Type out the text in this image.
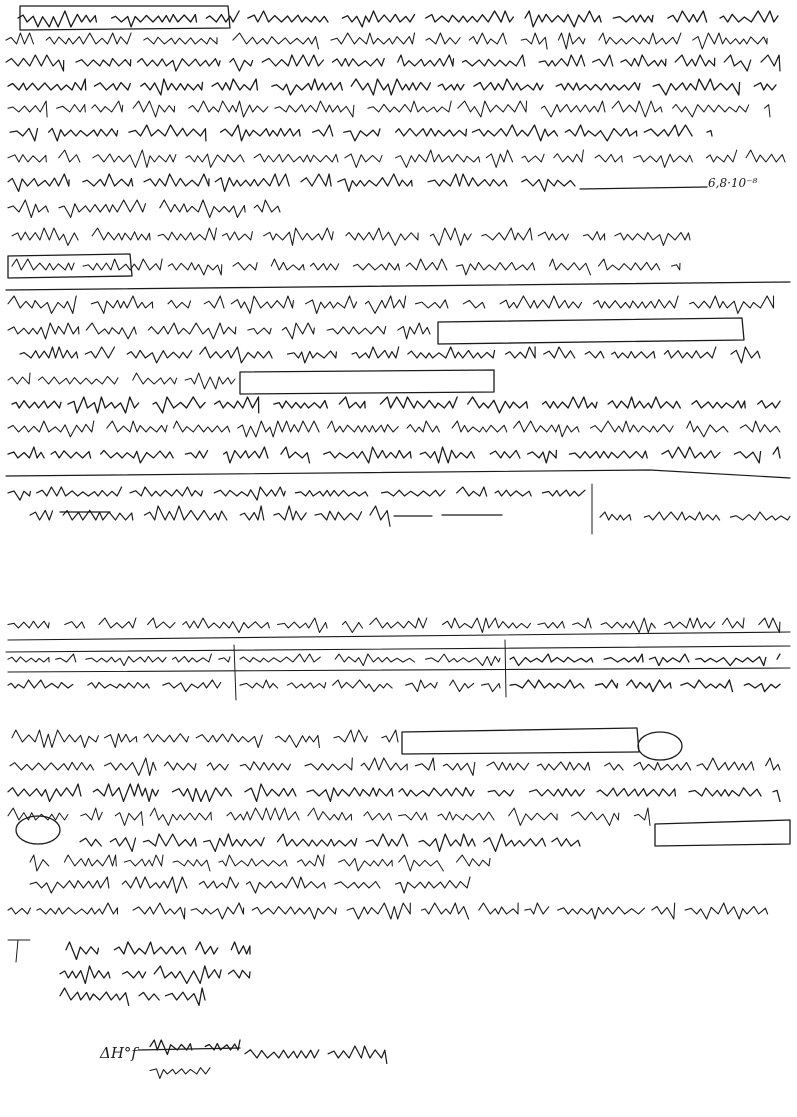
6,8·10⁻⁸
ΔH°f
